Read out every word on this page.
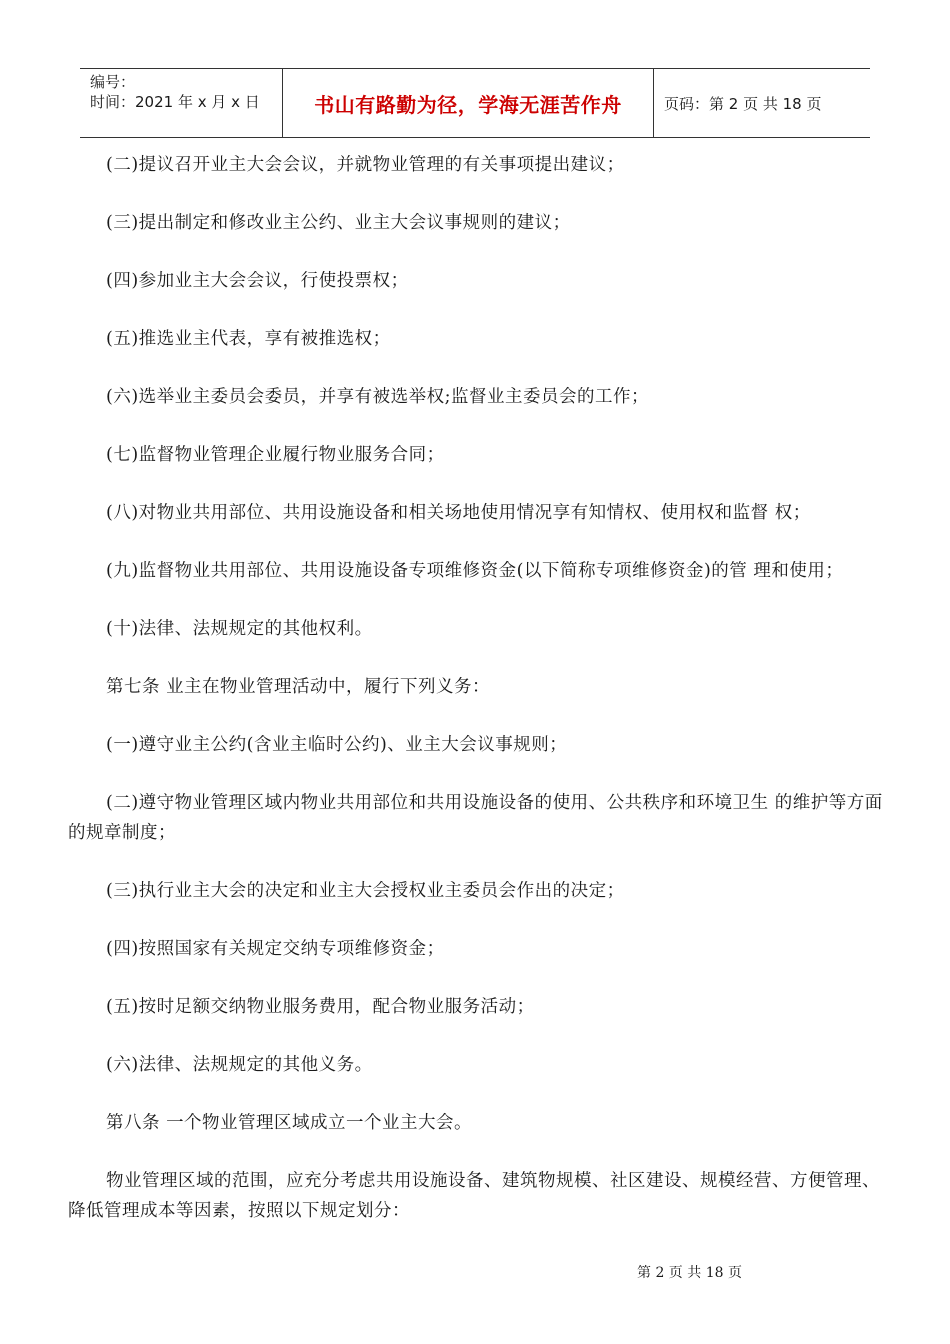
编号：
时间：2021 年 x 月 x 日	书山有路勤为径，学海无涯苦作舟	页码：第 2 页 共 18 页

(二)提议召开业主大会会议，并就物业管理的有关事项提出建议；

(三)提出制定和修改业主公约、业主大会议事规则的建议；

(四)参加业主大会会议，行使投票权；

(五)推选业主代表，享有被推选权；

(六)选举业主委员会委员，并享有被选举权;监督业主委员会的工作；

(七)监督物业管理企业履行物业服务合同；

(八)对物业共用部位、共用设施设备和相关场地使用情况享有知情权、使用权和监督 权；

(九)监督物业共用部位、共用设施设备专项维修资金(以下简称专项维修资金)的管 理和使用；

(十)法律、法规规定的其他权利。

第七条 业主在物业管理活动中，履行下列义务：

(一)遵守业主公约(含业主临时公约)、业主大会议事规则；

(二)遵守物业管理区域内物业共用部位和共用设施设备的使用、公共秩序和环境卫生 的维护等方面的规章制度；

(三)执行业主大会的决定和业主大会授权业主委员会作出的决定；

(四)按照国家有关规定交纳专项维修资金；

(五)按时足额交纳物业服务费用，配合物业服务活动；

(六)法律、法规规定的其他义务。

第八条 一个物业管理区域成立一个业主大会。

物业管理区域的范围，应充分考虑共用设施设备、建筑物规模、社区建设、规模经营、方便管理、降低管理成本等因素，按照以下规定划分：

第 2 页 共 18 页
